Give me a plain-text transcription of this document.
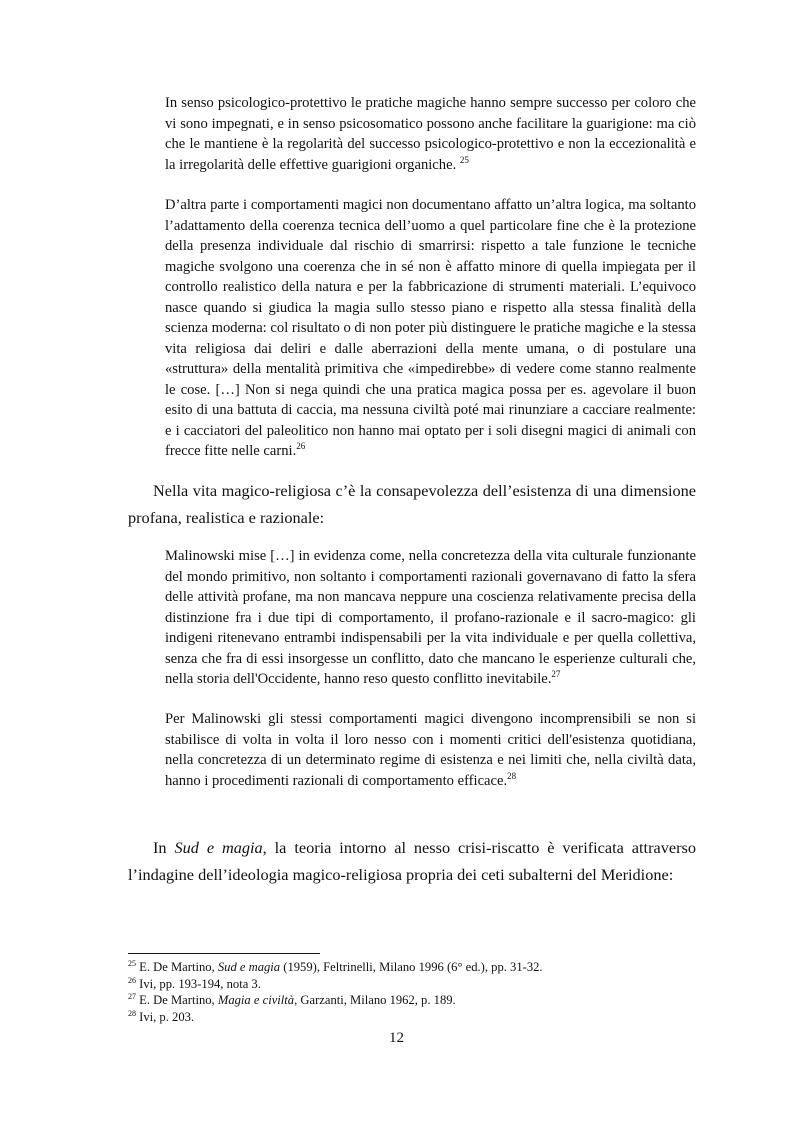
In senso psicologico-protettivo le pratiche magiche hanno sempre successo per coloro che vi sono impegnati, e in senso psicosomatico possono anche facilitare la guarigione: ma ciò che le mantiene è la regolarità del successo psicologico-protettivo e non la eccezionalità e la irregolarità delle effettive guarigioni organiche. $^{25}$

D’altra parte i comportamenti magici non documentano affatto un’altra logica, ma soltanto l’adattamento della coerenza tecnica dell’uomo a quel particolare fine che è la protezione della presenza individuale dal rischio di smarrirsi: rispetto a tale funzione le tecniche magiche svolgono una coerenza che in sé non è affatto minore di quella impiegata per il controllo realistico della natura e per la fabbricazione di strumenti materiali. L’equivoco nasce quando si giudica la magia sullo stesso piano e rispetto alla stessa finalità della scienza moderna: col risultato o di non poter più distinguere le pratiche magiche e la stessa vita religiosa dai deliri e dalle aberrazioni della mente umana, o di postulare una «struttura» della mentalità primitiva che «impedirebbe» di vedere come stanno realmente le cose. […] Non si nega quindi che una pratica magica possa per es. agevolare il buon esito di una battuta di caccia, ma nessuna civiltà poté mai rinunziare a cacciare realmente: e i cacciatori del paleolitico non hanno mai optato per i soli disegni magici di animali con frecce fitte nelle carni.$^{26}$

Nella vita magico-religiosa c’è la consapevolezza dell’esistenza di una dimensione profana, realistica e razionale:

Malinowski mise […] in evidenza come, nella concretezza della vita culturale funzionante del mondo primitivo, non soltanto i comportamenti razionali governavano di fatto la sfera delle attività profane, ma non mancava neppure una coscienza relativamente precisa della distinzione fra i due tipi di comportamento, il profano-razionale e il sacro-magico: gli indigeni ritenevano entrambi indispensabili per la vita individuale e per quella collettiva, senza che fra di essi insorgesse un conflitto, dato che mancano le esperienze culturali che, nella storia dell'Occidente, hanno reso questo conflitto inevitabile.$^{27}$

Per Malinowski gli stessi comportamenti magici divengono incomprensibili se non si stabilisce di volta in volta il loro nesso con i momenti critici dell'esistenza quotidiana, nella concretezza di un determinato regime di esistenza e nei limiti che, nella civiltà data, hanno i procedimenti razionali di comportamento efficace.$^{28}$

In Sud e magia, la teoria intorno al nesso crisi-riscatto è verificata attraverso l’indagine dell’ideologia magico-religiosa propria dei ceti subalterni del Meridione:

$^{25}$ E. De Martino, Sud e magia (1959), Feltrinelli, Milano 1996 (6° ed.), pp. 31-32.

$^{26}$ Ivi, pp. 193-194, nota 3.

$^{27}$ E. De Martino, Magia e civiltà, Garzanti, Milano 1962, p. 189.

$^{28}$ Ivi, p. 203.

12
